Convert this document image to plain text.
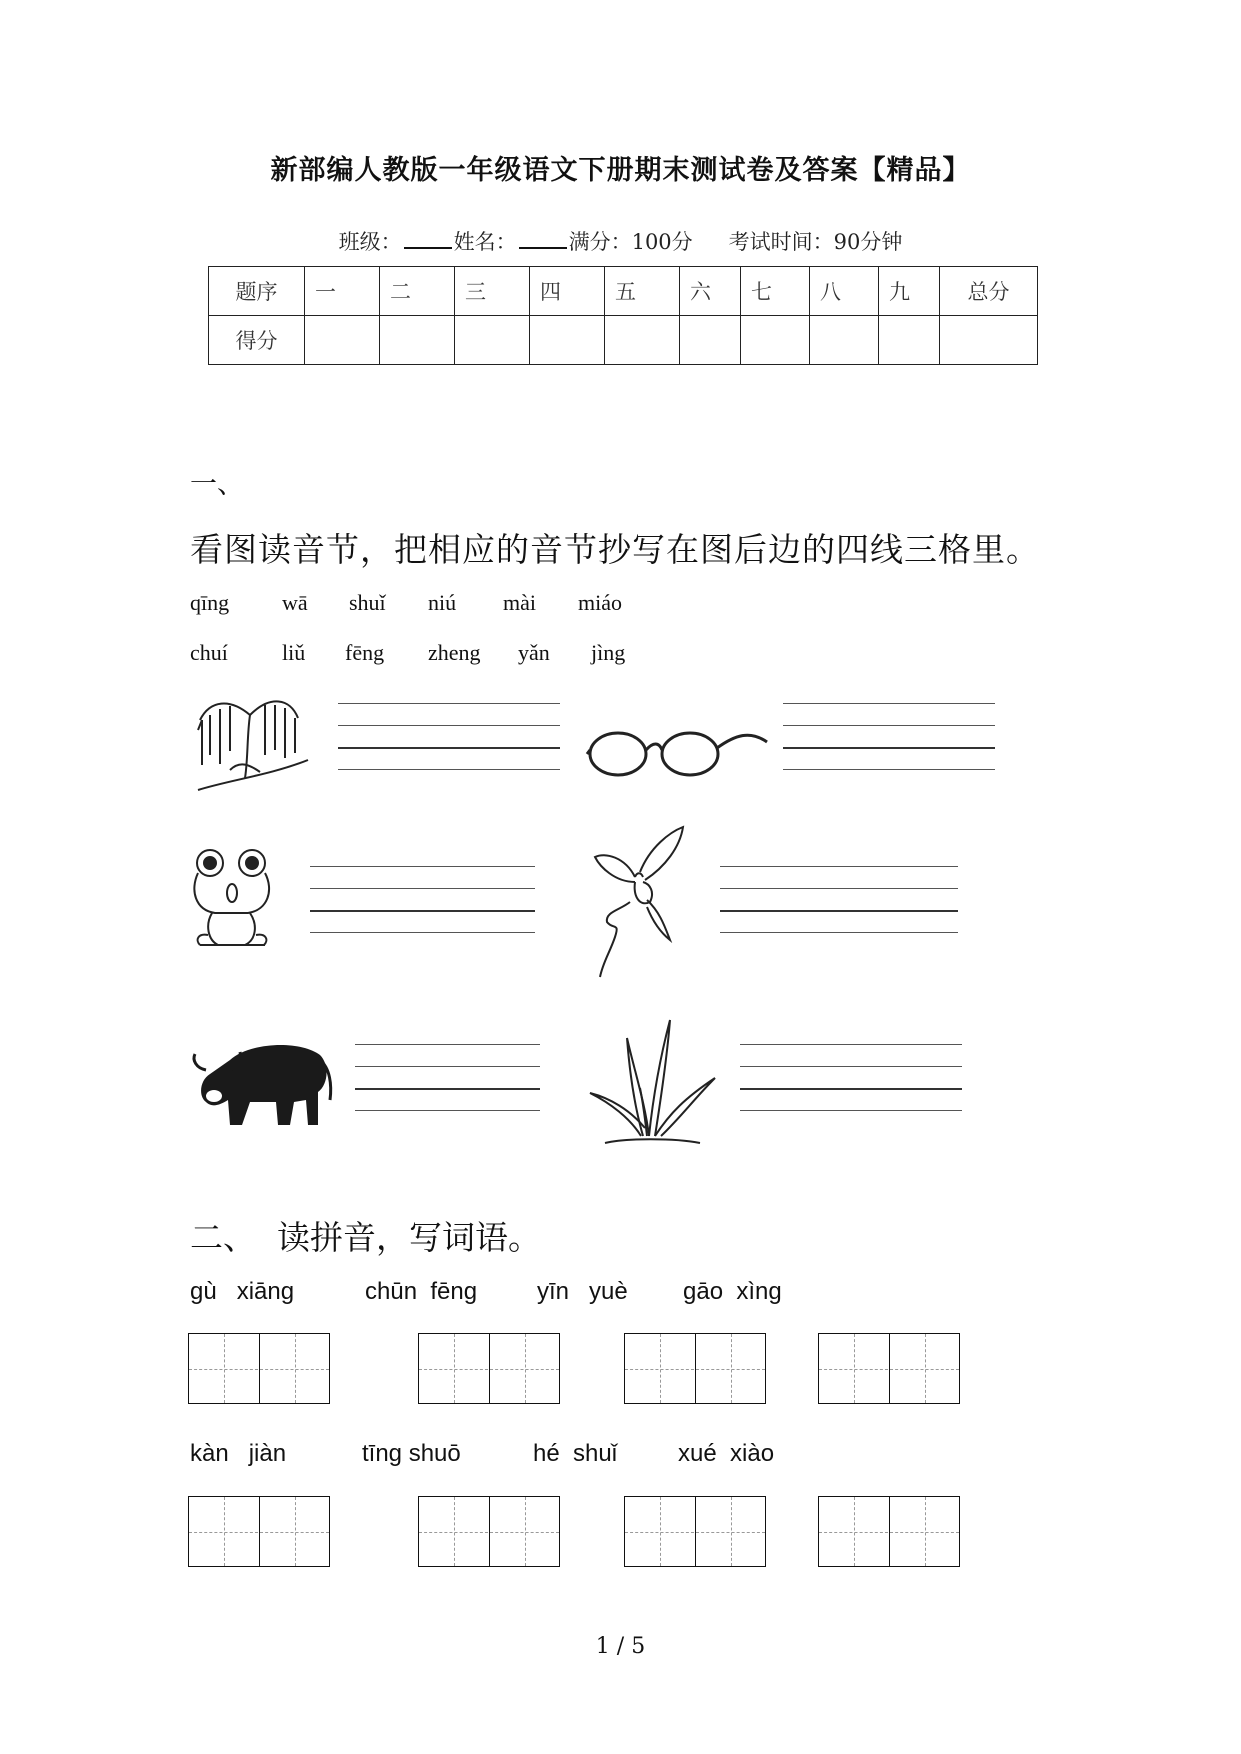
新部编人教版一年级语文下册期末测试卷及答案【精品】
班级： 姓名： 满分：100分 考试时间：90分钟
题序	一	二	三	四	五	六	七	八	九	总分
得分										
一、
看图读音节，把相应的音节抄写在图后边的四线三格里。
qīng wā shuǐ niú mài miáo
chuí liǔ fēng zheng yǎn jìng
二、 读拼音，写词语。
gù   xiāng	chūn  fēng yīn   yuè gāo  xìng
kàn   jiàn	tīng shuō	hé  shuǐ	xué  xiào
1 / 5
